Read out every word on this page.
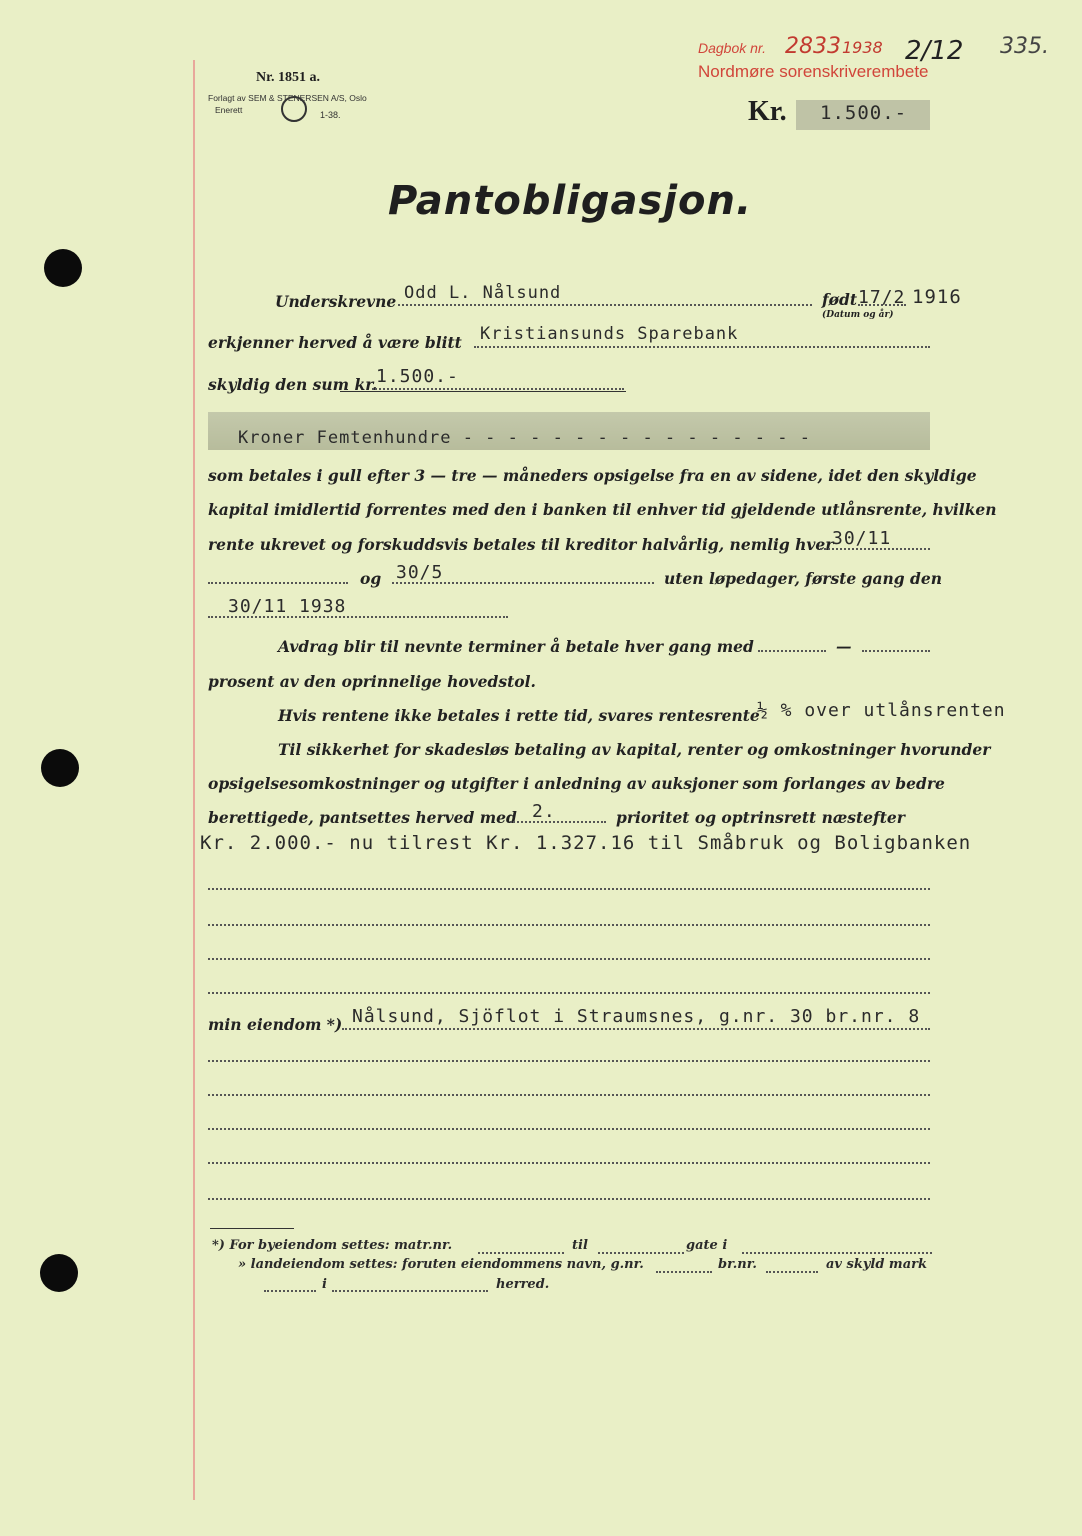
Nr. 1851 a.
Forlagt av SEM & STENERSEN A/S, Oslo
Enerett	1-38.
Dagbok nr. 2833 1938 2/12
Nordmøre sorenskriverembete
335.
Kr. 1.500.-
Pantobligasjon.
Underskrevne Odd L. Nålsund	født 17/2 1916
(Datum og år)
erkjenner herved å være blitt Kristiansunds Sparebank
skyldig den sum kr.
1.500.-
Kroner Femtenhundre - - - - - - - - - - - - - - - -
som betales i gull efter 3 — tre — måneders opsigelse fra en av sidene, idet den skyldige
kapital imidlertid forrentes med den i banken til enhver tid gjeldende utlånsrente, hvilken
rente ukrevet og forskuddsvis betales til kreditor halvårlig, nemlig hver
30/11
og 30/5	uten løpedager, første gang den
30/11 1938
Avdrag blir til nevnte terminer å betale hver gang med	—
prosent av den oprinnelige hovedstol.
Hvis rentene ikke betales i rette tid, svares rentesrente
½ % over utlånsrenten
Til sikkerhet for skadesløs betaling av kapital, renter og omkostninger hvorunder
opsigelsesomkostninger og utgifter i anledning av auksjoner som forlanges av bedre
berettigede, pantsettes herved med 2.	prioritet og optrinsrett næstefter
Kr. 2.000.- nu tilrest Kr. 1.327.16 til Småbruk og Boligbanken
min eiendom *) Nålsund, Sjöflot i Straumsnes, g.nr. 30 br.nr. 8
*) For byeiendom settes: matr.nr.	til	gate i
» landeiendom settes: foruten eiendommens navn, g.nr.	br.nr.	av skyld mark
i	herred.
